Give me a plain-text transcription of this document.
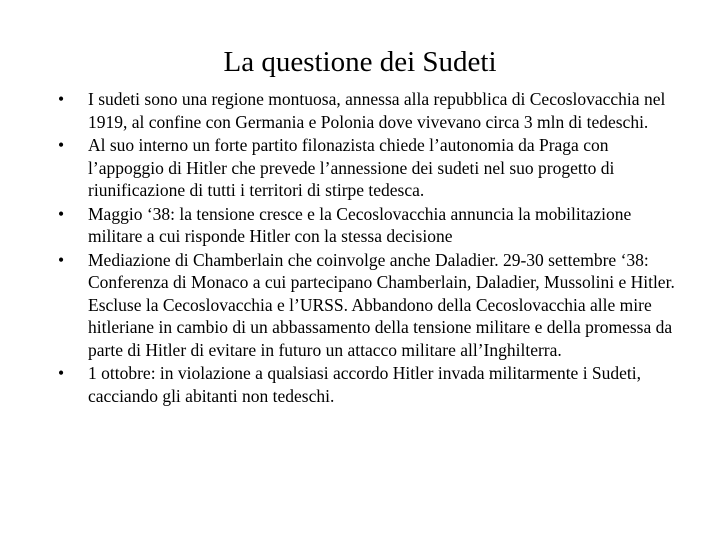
La questione dei Sudeti
• I sudeti sono una regione montuosa, annessa alla repubblica di Cecoslovacchia nel 1919, al confine con Germania e Polonia dove vivevano circa 3 mln di tedeschi.
• Al suo interno un forte partito filonazista chiede l’autonomia da Praga con l’appoggio di Hitler che prevede l’annessione dei sudeti nel suo progetto di riunificazione di tutti i territori di stirpe tedesca.
• Maggio ‘38: la tensione cresce e la Cecoslovacchia annuncia la mobilitazione militare a cui risponde Hitler con la stessa decisione
• Mediazione di Chamberlain che coinvolge anche Daladier. 29-30 settembre ‘38: Conferenza di Monaco a cui partecipano Chamberlain, Daladier, Mussolini e Hitler. Escluse la Cecoslovacchia e l’URSS. Abbandono della Cecoslovacchia alle mire hitleriane in cambio di un abbassamento della tensione militare e della promessa da parte di Hitler di evitare in futuro un attacco militare all’Inghilterra.
• 1 ottobre: in violazione a qualsiasi accordo Hitler invada militarmente i Sudeti, cacciando gli abitanti non tedeschi.
